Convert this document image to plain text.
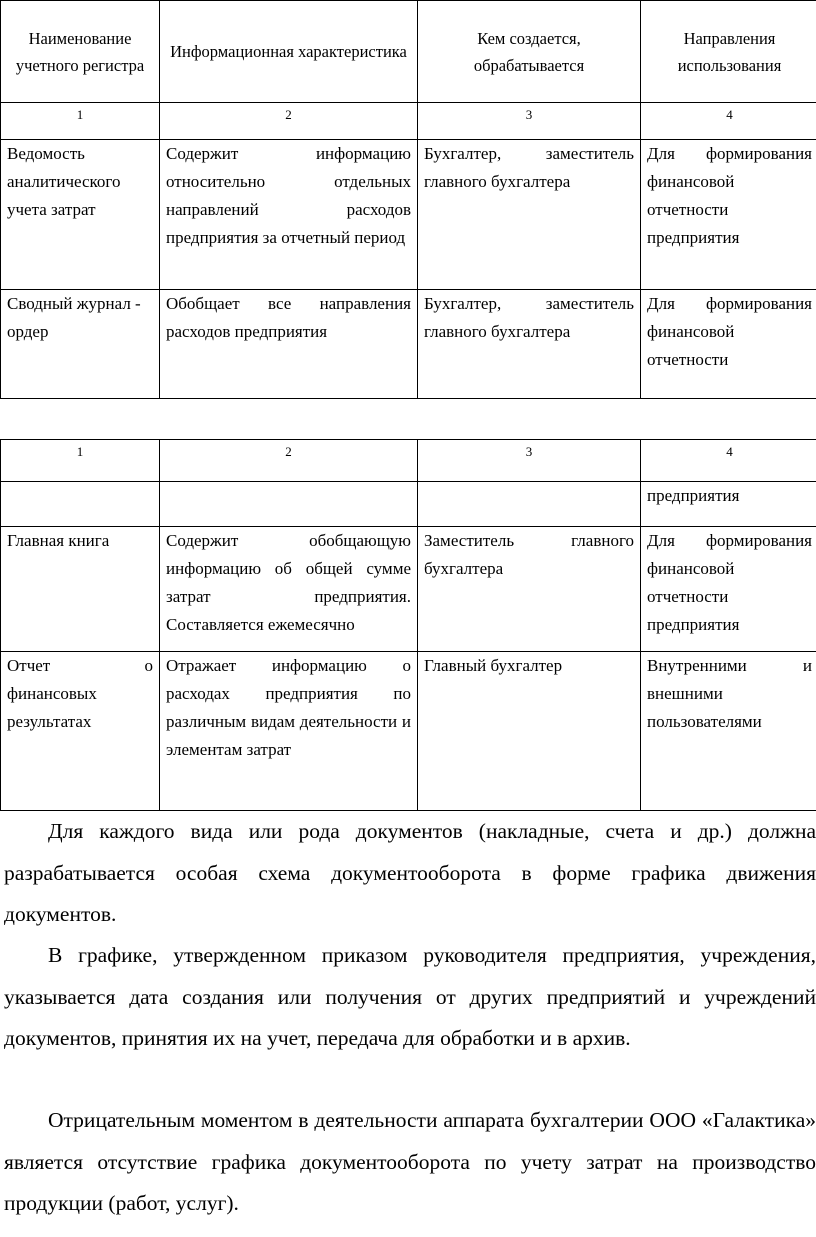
Наименование учетного регистра	Информационная характеристика	Кем создается, обрабатывается	Направления использования
1	2	3	4
Ведомость аналитического учета затрат	Содержит информацию относительно отдельных направлений расходов предприятия за отчетный период	Бухгалтер, заместитель главного бухгалтера	Для формирования финансовой отчетности предприятия
Сводный журнал - ордер	Обобщает все направления расходов предприятия	Бухгалтер, заместитель главного бухгалтера	Для формирования финансовой отчетности
1	2	3	4
			предприятия
Главная книга	Содержит обобщающую информацию об общей сумме затрат предприятия. Составляется ежемесячно	Заместитель главного бухгалтера	Для формирования финансовой отчетности предприятия
Отчет о финансовых результатах	Отражает информацию о расходах предприятия по различным видам деятельности и элементам затрат	Главный бухгалтер	Внутренними и внешними пользователями

Для каждого вида или рода документов (накладные, счета и др.) должна разрабатывается особая схема документооборота в форме графика движения документов.

В графике, утвержденном приказом руководителя предприятия, учреждения, указывается дата создания или получения от других предприятий и учреждений документов, принятия их на учет, передача для обработки и в архив.

Отрицательным моментом в деятельности аппарата бухгалтерии ООО «Галактика» является отсутствие графика документооборота по учету затрат на производство продукции (работ, услуг).
